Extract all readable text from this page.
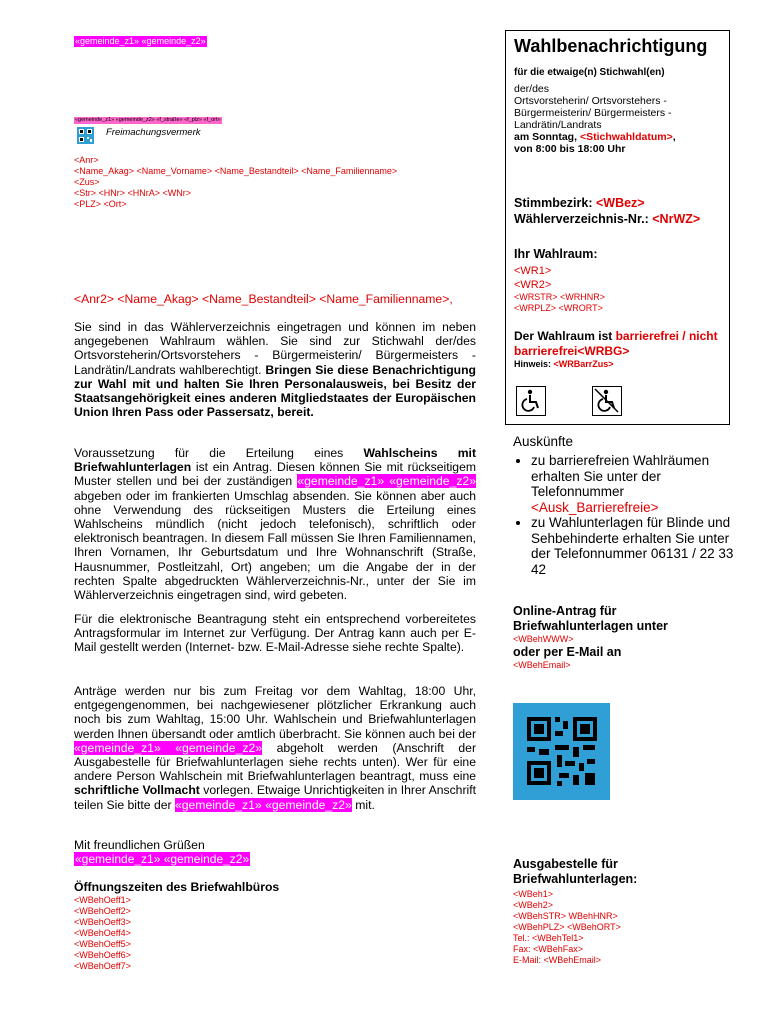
«gemeinde_z1» «gemeinde_z2»
«gemeinde_z1» «gemeinde_z2» «f_straße» «f_plz» «f_ort»
Freimachungsvermerk
<Anr>
<Name_Akag> <Name_Vorname> <Name_Bestandteil> <Name_Familienname>
<Zus>
<Str> <HNr> <HNrA> <WNr>
<PLZ> <Ort>
<Anr2> <Name_Akag> <Name_Bestandteil> <Name_Familienname>,
Sie sind in das Wählerverzeichnis eingetragen und können im neben angegebenen Wahlraum wählen. Sie sind zur Stichwahl der/des Ortsvorsteherin/Ortsvorstehers - Bürgermeisterin/ Bürgermeisters - Landrätin/Landrats wahlberechtigt. Bringen Sie diese Benachrichtigung zur Wahl mit und halten Sie Ihren Personalausweis, bei Besitz der Staatsangehörigkeit eines anderen Mitgliedstaates der Europäischen Union Ihren Pass oder Passersatz, bereit.
Voraussetzung für die Erteilung eines Wahlscheins mit Briefwahlunterlagen ist ein Antrag. Diesen können Sie mit rückseitigem Muster stellen und bei der zuständigen «gemeinde_z1» «gemeinde_z2» abgeben oder im frankierten Umschlag absenden. Sie können aber auch ohne Verwendung des rückseitigen Musters die Erteilung eines Wahlscheins mündlich (nicht jedoch telefonisch), schriftlich oder elektronisch beantragen. In diesem Fall müssen Sie Ihren Familiennamen, Ihren Vornamen, Ihr Geburtsdatum und Ihre Wohnanschrift (Straße, Hausnummer, Postleitzahl, Ort) angeben; um die Angabe der in der rechten Spalte abgedruckten Wählerverzeichnis-Nr., unter der Sie im Wählerverzeichnis eingetragen sind, wird gebeten.
Für die elektronische Beantragung steht ein entsprechend vorbereitetes Antragsformular im Internet zur Verfügung. Der Antrag kann auch per E-Mail gestellt werden (Internet- bzw. E-Mail-Adresse siehe rechte Spalte).
Anträge werden nur bis zum Freitag vor dem Wahltag, 18:00 Uhr, entgegengenommen, bei nachgewiesener plötzlicher Erkrankung auch noch bis zum Wahltag, 15:00 Uhr. Wahlschein und Briefwahlunterlagen werden Ihnen übersandt oder amtlich überbracht. Sie können auch bei der «gemeinde_z1» «gemeinde_z2» abgeholt werden (Anschrift der Ausgabestelle für Briefwahlunterlagen siehe rechts unten). Wer für eine andere Person Wahlschein mit Briefwahlunterlagen beantragt, muss eine schriftliche Vollmacht vorlegen. Etwaige Unrichtigkeiten in Ihrer Anschrift teilen Sie bitte der «gemeinde_z1» «gemeinde_z2» mit.
Mit freundlichen Grüßen
«gemeinde_z1» «gemeinde_z2»
Öffnungszeiten des Briefwahlbüros
<WBehOeff1>
<WBehOeff2>
<WBehOeff3>
<WBehOeff4>
<WBehOeff5>
<WBehOeff6>
<WBehOeff7>
Wahlbenachrichtigung
für die etwaige(n) Stichwahl(en)
der/des
Ortsvorsteherin/ Ortsvorstehers -
Bürgermeisterin/ Bürgermeisters -
Landrätin/Landrats
am Sonntag, <Stichwahldatum>,
von 8:00 bis 18:00 Uhr
Stimmbezirk: <WBez>
Wählerverzeichnis-Nr.: <NrWZ>
Ihr Wahlraum:
<WR1>
<WR2>
<WRSTR> <WRHNR>
<WRPLZ> <WRORT>
Der Wahlraum ist barrierefrei / nicht barrierefrei<WRBG>
Hinweis: <WRBarrZus>

Auskünfte
• zu barrierefreien Wahlräumen erhalten Sie unter der Telefonnummer <Ausk_Barrierefreie>
• zu Wahlunterlagen für Blinde und Sehbehinderte erhalten Sie unter der Telefonnummer 06131 / 22 33 42
Online-Antrag für Briefwahlunterlagen unter
<WBehWWW>
oder per E-Mail an
<WBehEmail>
Ausgabestelle für Briefwahlunterlagen:
<WBeh1>
<WBeh2>
<WBehSTR> WBehHNR>
<WBehPLZ> <WBehORT>
Tel.: <WBehTel1>
Fax: <WBehFax>
E-Mail: <WBehEmail>
